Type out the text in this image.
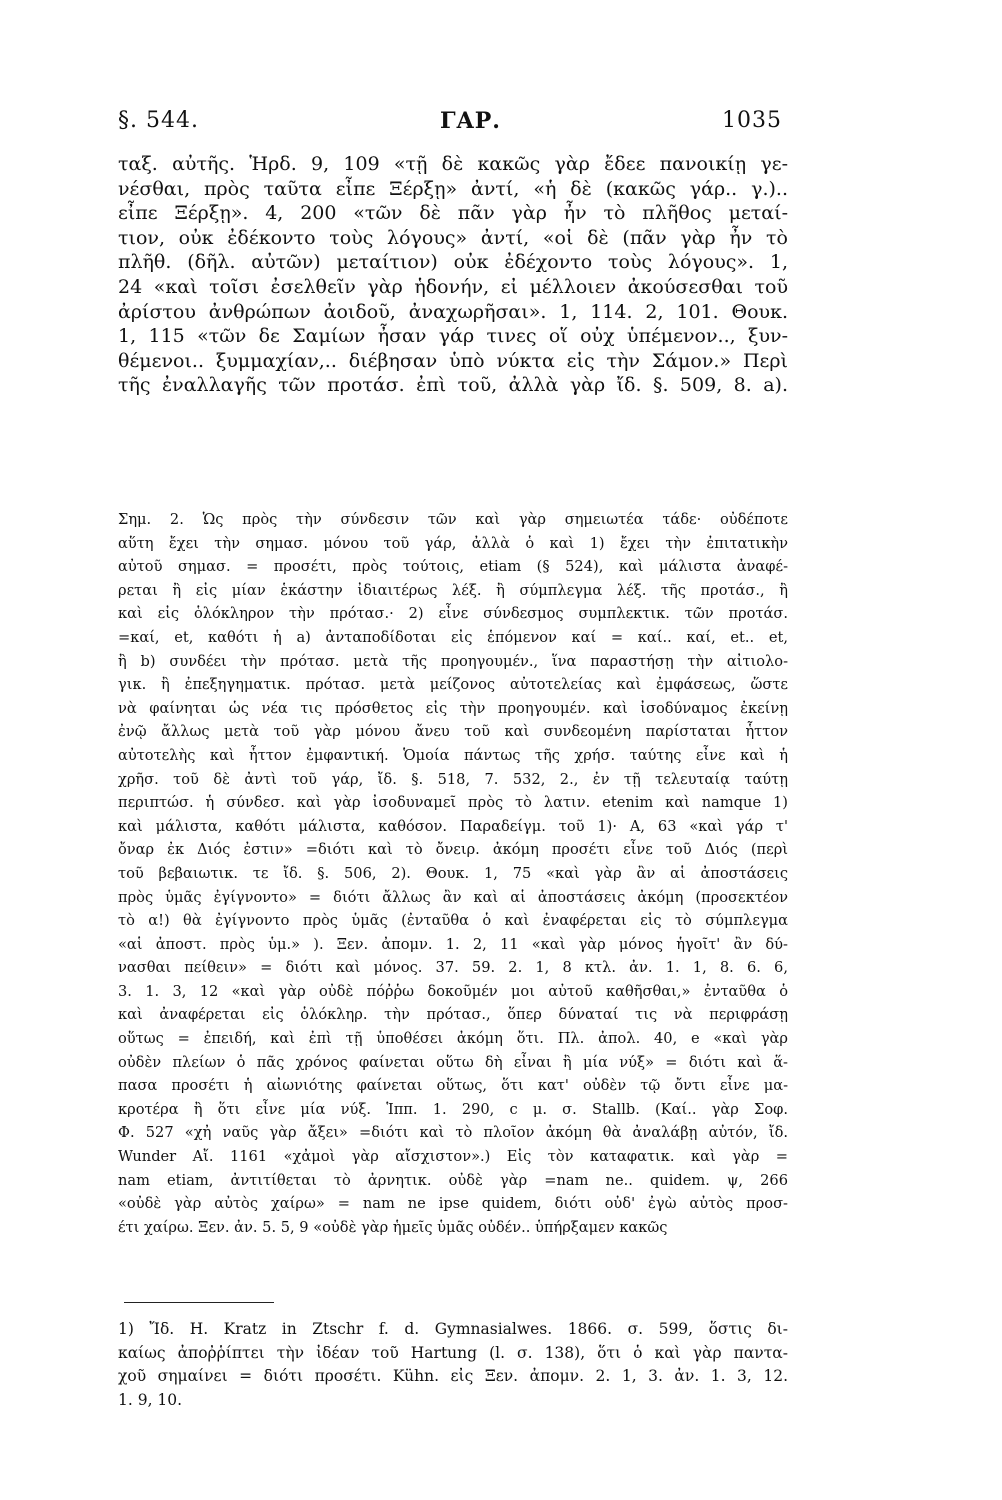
§. 544.	ΓΑΡ.	1035
ταξ. αὐτῆς. Ἡρδ. 9, 109 «τῇ δὲ κακῶς γὰρ ἔδεε πανοικίῃ γε-
νέσθαι, πρὸς ταῦτα εἶπε Ξέρξῃ» ἀντί, «ἡ δὲ (κακῶς γάρ.. γ.)..
εἶπε Ξέρξῃ». 4, 200 «τῶν δὲ πᾶν γὰρ ἦν τὸ πλῆθος μεταί-
τιον, οὐκ ἐδέκοντο τοὺς λόγους» ἀντί, «οἱ δὲ (πᾶν γὰρ ἦν τὸ
πλῆθ. (δῆλ. αὐτῶν) μεταίτιον) οὐκ ἐδέχοντο τοὺς λόγους». 1,
24 «καὶ τοῖσι ἐσελθεῖν γὰρ ἡδονήν, εἰ μέλλοιεν ἀκούσεσθαι τοῦ
ἀρίστου ἀνθρώπων ἀοιδοῦ, ἀναχωρῆσαι». 1, 114. 2, 101. Θουκ.
1, 115 «τῶν δε Σαμίων ἦσαν γάρ τινες οἵ οὐχ ὑπέμενον.., ξυν-
θέμενοι.. ξυμμαχίαν,.. διέβησαν ὑπὸ νύκτα εἰς τὴν Σάμον.» Περὶ
τῆς ἐναλλαγῆς τῶν προτάσ. ἐπὶ τοῦ, ἀλλὰ γὰρ ἴδ. §. 509, 8. a).
Σημ. 2. Ὡς πρὸς τὴν σύνδεσιν τῶν καὶ γὰρ σημειωτέα τάδε· οὐδέποτε
αὕτη ἔχει τὴν σημασ. μόνου τοῦ γάρ, ἀλλὰ ὁ καὶ 1) ἔχει τὴν ἐπιτατικὴν
αὐτοῦ σημασ. = προσέτι, πρὸς τούτοις, etiam (§ 524), καὶ μάλιστα ἀναφέ-
ρεται ἢ εἰς μίαν ἑκάστην ἰδιαιτέρως λέξ. ἢ σύμπλεγμα λέξ. τῆς προτάσ., ἢ
καὶ εἰς ὁλόκληρον τὴν πρότασ.· 2) εἶνε σύνδεσμος συμπλεκτικ. τῶν προτάσ.
=καί, et, καθότι ἡ a) ἀνταποδίδοται εἰς ἑπόμενον καί = καί.. καί, et.. et,
ἢ b) συνδέει τὴν πρότασ. μετὰ τῆς προηγουμέν., ἵνα παραστήσῃ τὴν αἰτιολο-
γικ. ἢ ἐπεξηγηματικ. πρότασ. μετὰ μείζονος αὐτοτελείας καὶ ἐμφάσεως, ὥστε
νὰ φαίνηται ὡς νέα τις πρόσθετος εἰς τὴν προηγουμέν. καὶ ἰσοδύναμος ἐκείνῃ
ἐνῷ ἄλλως μετὰ τοῦ γὰρ μόνου ἄνευ τοῦ καὶ συνδεομένη παρίσταται ἧττον
αὐτοτελὴς καὶ ἧττον ἐμφαντική. Ὁμοία πάντως τῆς χρήσ. ταύτης εἶνε καὶ ἡ
χρῆσ. τοῦ δὲ ἀντὶ τοῦ γάρ, ἴδ. §. 518, 7. 532, 2., ἐν τῇ τελευταίᾳ ταύτῃ
περιπτώσ. ἡ σύνδεσ. καὶ γὰρ ἰσοδυναμεῖ πρὸς τὸ λατιν. etenim καὶ namque 1)
καὶ μάλιστα, καθότι μάλιστα, καθόσον. Παραδείγμ. τοῦ 1)· A, 63 «καὶ γάρ τ'
ὄναρ ἐκ Διός ἐστιν» =διότι καὶ τὸ ὄνειρ. ἀκόμη προσέτι εἶνε τοῦ Διός (περὶ
τοῦ βεβαιωτικ. τε ἴδ. §. 506, 2). Θουκ. 1, 75 «καὶ γὰρ ἂν αἱ ἀποστάσεις
πρὸς ὑμᾶς ἐγίγνοντο» = διότι ἄλλως ἂν καὶ αἱ ἀποστάσεις ἀκόμη (προσεκτέον
τὸ α!) θὰ ἐγίγνοντο πρὸς ὑμᾶς (ἐνταῦθα ὁ καὶ ἐναφέρεται εἰς τὸ σύμπλεγμα
«αἱ ἀποστ. πρὸς ὑμ.» ). Ξεν. ἀπομν. 1. 2, 11 «καὶ γὰρ μόνος ἡγοῖτ' ἂν δύ-
νασθαι πείθειν» = διότι καὶ μόνος. 37. 59. 2. 1, 8 κτλ. ἀν. 1. 1, 8. 6. 6,
3. 1. 3, 12 «καὶ γὰρ οὐδὲ πόῤῥω δοκοῦμέν μοι αὐτοῦ καθῆσθαι,» ἐνταῦθα ὁ
καὶ ἀναφέρεται εἰς ὁλόκληρ. τὴν πρότασ., ὅπερ δύναταί τις νὰ περιφράσῃ
οὕτως = ἐπειδή, καὶ ἐπὶ τῇ ὑποθέσει ἀκόμη ὅτι. Πλ. ἀπολ. 40, e «καὶ γὰρ
οὐδὲν πλείων ὁ πᾶς χρόνος φαίνεται οὕτω δὴ εἶναι ἢ μία νύξ» = διότι καὶ ἅ-
πασα προσέτι ἡ αἰωνιότης φαίνεται οὕτως, ὅτι κατ' οὐδὲν τῷ ὄντι εἶνε μα-
κροτέρα ἢ ὅτι εἶνε μία νύξ. Ἱππ. 1. 290, c μ. σ. Stallb. (Καί.. γὰρ Σοφ.
Φ. 527 «χἠ ναῦς γὰρ ἄξει» =διότι καὶ τὸ πλοῖον ἀκόμη θὰ ἀναλάβῃ αὐτόν, ἴδ.
Wunder Αἴ. 1161 «χἀμοὶ γὰρ αἴσχιστον».) Εἰς τὸν καταφατικ. καὶ γὰρ =
nam etiam, ἀντιτίθεται τὸ ἀρνητικ. οὐδὲ γὰρ =nam ne.. quidem. ψ, 266
«οὐδὲ γὰρ αὐτὸς χαίρω» = nam ne ipse quidem, διότι οὐδ' ἐγὼ αὐτὸς προσ-
έτι χαίρω. Ξεν. ἀν. 5. 5, 9 «οὐδὲ γὰρ ἡμεῖς ὑμᾶς οὐδέν.. ὑπήρξαμεν κακῶς
1) Ἴδ. H. Kratz in Ztschr f. d. Gymnasialwes. 1866. σ. 599, ὅστις δι-
καίως ἀποῤῥίπτει τὴν ἰδέαν τοῦ Hartung (l. σ. 138), ὅτι ὁ καὶ γὰρ παντα-
χοῦ σημαίνει = διότι προσέτι. Kühn. εἰς Ξεν. ἀπομν. 2. 1, 3. ἀν. 1. 3, 12.
1. 9, 10.
